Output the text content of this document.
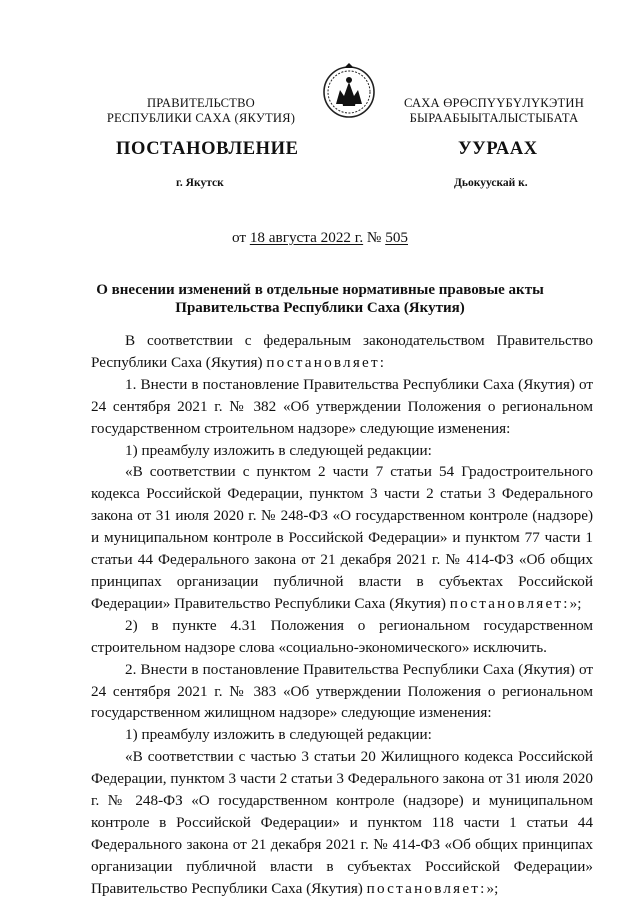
ПРАВИТЕЛЬСТВО
РЕСПУБЛИКИ САХА (ЯКУТИЯ)
САХА ӨРӨСПҮҮБҮЛҮКЭТИН
БЫРААБЫЫТАЛЫСТЫБАТА
ПОСТАНОВЛЕНИЕ	УУРААХ
г. Якутск	Дьокуускай к.
от 18 августа 2022 г. № 505
О внесении изменений в отдельные нормативные правовые акты
Правительства Республики Саха (Якутия)

В соответствии с федеральным законодательством Правительство Республики Саха (Якутия) постановляет:

1. Внести в постановление Правительства Республики Саха (Якутия) от 24 сентября 2021 г. № 382 «Об утверждении Положения о региональном государственном строительном надзоре» следующие изменения:

1) преамбулу изложить в следующей редакции:

«В соответствии с пунктом 2 части 7 статьи 54 Градостроительного кодекса Российской Федерации, пунктом 3 части 2 статьи 3 Федерального закона от 31 июля 2020 г. № 248-ФЗ «О государственном контроле (надзоре) и муниципальном контроле в Российской Федерации» и пунктом 77 части 1 статьи 44 Федерального закона от 21 декабря 2021 г. № 414-ФЗ «Об общих принципах организации публичной власти в субъектах Российской Федерации» Правительство Республики Саха (Якутия) постановляет:»;

2) в пункте 4.31 Положения о региональном государственном строительном надзоре слова «социально-экономического» исключить.

2. Внести в постановление Правительства Республики Саха (Якутия) от 24 сентября 2021 г. № 383 «Об утверждении Положения о региональном государственном жилищном надзоре» следующие изменения:

1) преамбулу изложить в следующей редакции:

«В соответствии с частью 3 статьи 20 Жилищного кодекса Российской Федерации, пунктом 3 части 2 статьи 3 Федерального закона от 31 июля 2020 г. № 248-ФЗ «О государственном контроле (надзоре) и муниципальном контроле в Российской Федерации» и пунктом 118 части 1 статьи 44 Федерального закона от 21 декабря 2021 г. № 414-ФЗ «Об общих принципах организации публичной власти в субъектах Российской Федерации» Правительство Республики Саха (Якутия) постановляет:»;
